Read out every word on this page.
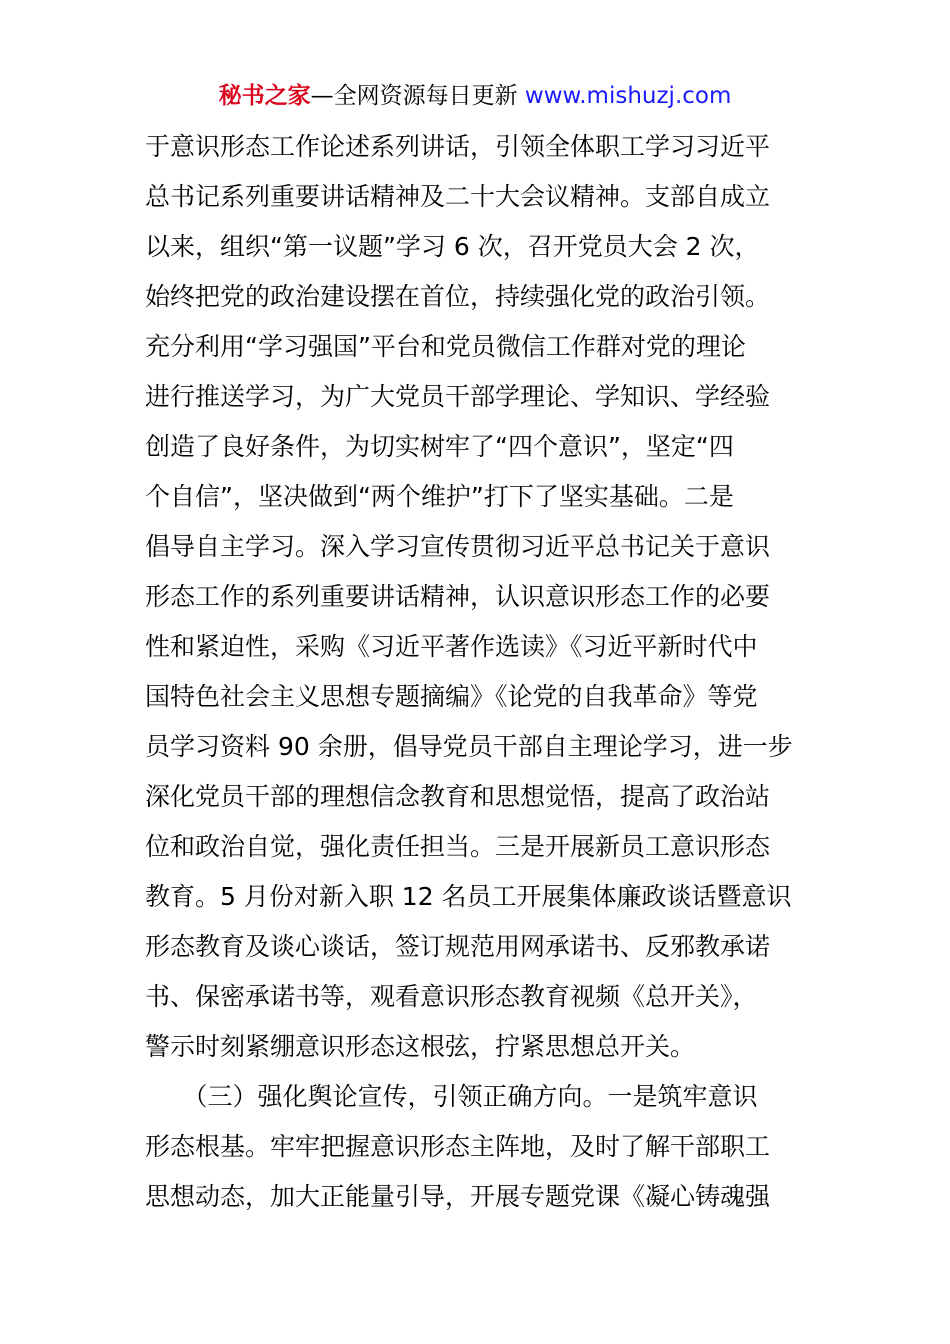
秘书之家—全网资源每日更新 www.mishuzj.com
于意识形态工作论述系列讲话，引领全体职工学习习近平
总书记系列重要讲话精神及二十大会议精神。支部自成立
以来，组织“第一议题”学习 6 次，召开党员大会 2 次，
始终把党的政治建设摆在首位，持续强化党的政治引领。
充分利用“学习强国”平台和党员微信工作群对党的理论
进行推送学习，为广大党员干部学理论、学知识、学经验
创造了良好条件，为切实树牢了“四个意识”，坚定“四
个自信”，坚决做到“两个维护”打下了坚实基础。二是
倡导自主学习。深入学习宣传贯彻习近平总书记关于意识
形态工作的系列重要讲话精神，认识意识形态工作的必要
性和紧迫性，采购《习近平著作选读》《习近平新时代中
国特色社会主义思想专题摘编》《论党的自我革命》等党
员学习资料 90 余册，倡导党员干部自主理论学习，进一步
深化党员干部的理想信念教育和思想觉悟，提高了政治站
位和政治自觉，强化责任担当。三是开展新员工意识形态
教育。5 月份对新入职 12 名员工开展集体廉政谈话暨意识
形态教育及谈心谈话，签订规范用网承诺书、反邪教承诺
书、保密承诺书等，观看意识形态教育视频《总开关》，
警示时刻紧绷意识形态这根弦，拧紧思想总开关。
　　（三）强化舆论宣传，引领正确方向。一是筑牢意识
形态根基。牢牢把握意识形态主阵地，及时了解干部职工
思想动态，加大正能量引导，开展专题党课《凝心铸魂强
